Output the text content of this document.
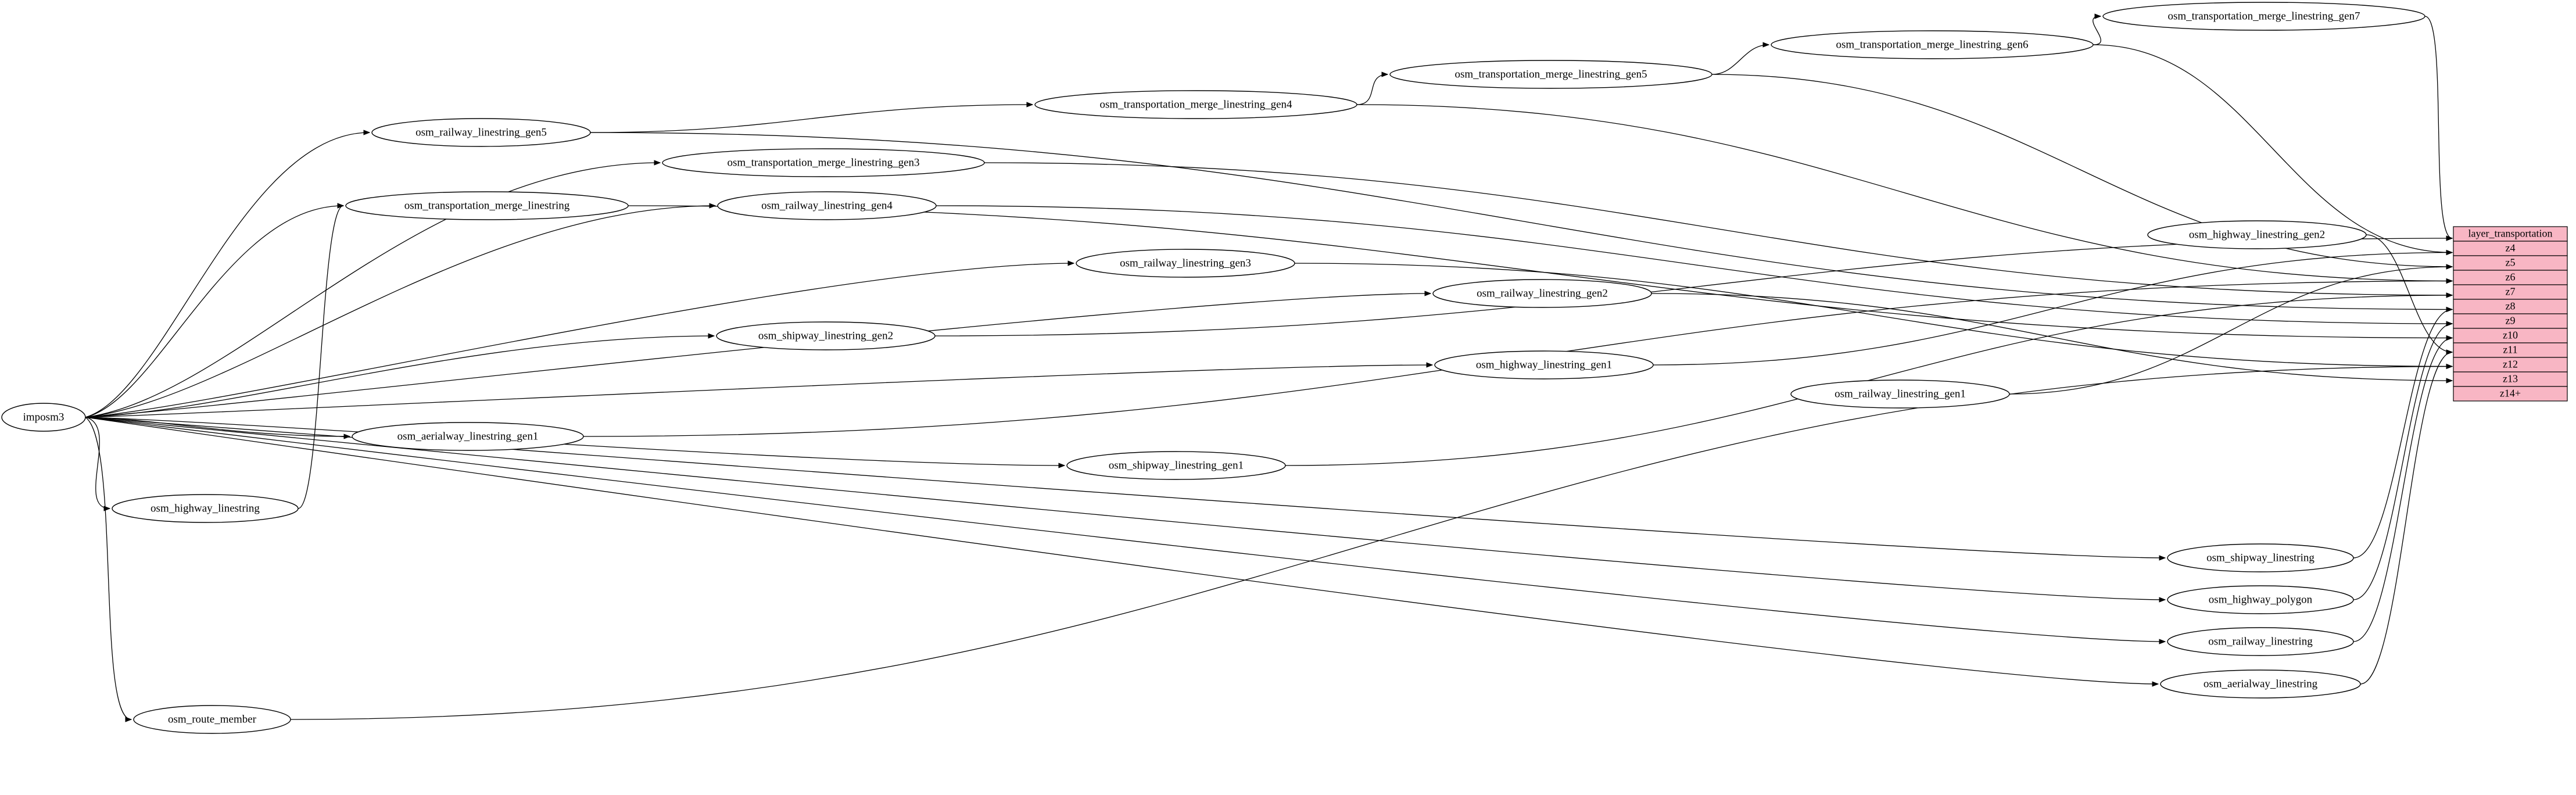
imposm3
osm_transportation_merge_linestring_gen7
osm_transportation_merge_linestring_gen6
osm_transportation_merge_linestring_gen5
osm_transportation_merge_linestring_gen4
osm_railway_linestring_gen5
osm_transportation_merge_linestring_gen3
osm_railway_linestring_gen4
osm_transportation_merge_linestring
osm_highway_linestring_gen2
osm_railway_linestring_gen3
osm_railway_linestring_gen2
osm_shipway_linestring_gen2
osm_highway_linestring_gen1
osm_railway_linestring_gen1
osm_aerialway_linestring_gen1
osm_shipway_linestring_gen1
osm_highway_linestring
osm_shipway_linestring
osm_highway_polygon
osm_railway_linestring
osm_aerialway_linestring
osm_route_member
layer_transportation
z4
z5
z6
z7
z8
z9
z10
z11
z12
z13
z14+
